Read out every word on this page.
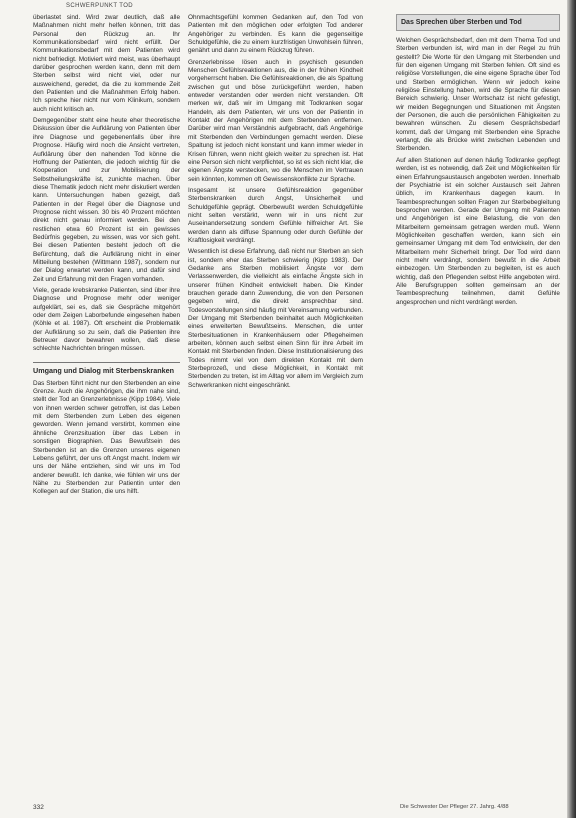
SCHWERPUNKT TOD

überlastet sind. Wird zwar deutlich, daß alle Maßnahmen nicht mehr helfen können, tritt das Personal den Rückzug an. Ihr Kommunikationsbedarf wird nicht erfüllt. Der Kommunikationsbedarf mit dem Patienten wird nicht befriedigt. Motiviert wird meist, was überhaupt darüber gesprochen werden kann, denn mit dem Sterben selbst wird nicht viel, oder nur ausweichend, geredet, da die zu kommende Zeit den Patienten und die Maßnahmen Erfolg haben. Ich spreche hier nicht nur vom Klinikum, sondern auch nicht kritisch an.

Demgegenüber steht eine heute eher theoretische Diskussion über die Aufklärung von Patienten über ihre Diagnose und gegebenenfalls über ihre Prognose. Häufig wird noch die Ansicht vertreten, Aufklärung über den nahenden Tod könne die Hoffnung der Patienten, die jedoch wichtig für die Kooperation und zur Mobilisierung der Selbstheilungskräfte ist, zunichte machen. Über diese Thematik jedoch nicht mehr diskutiert werden kann. Untersuchungen haben gezeigt, daß Patienten in der Regel über die Diagnose und Prognose nicht wissen. 30 bis 40 Prozent möchten direkt nicht genau informiert werden. Bei den restlichen etwa 60 Prozent ist ein gewisses Bedürfnis gegeben, zu wissen, was vor sich geht. Bei diesen Patienten besteht jedoch oft die Befürchtung, daß die Aufklärung nicht in einer Mitteilung bestehen (Wittmann 1987), sondern nur der Dialog erwartet werden kann, und dafür sind Zeit und Erfahrung mit den Fragen vorhanden.

Viele, gerade krebskranke Patienten, sind über ihre Diagnose und Prognose mehr oder weniger aufgeklärt, sei es, daß sie Gespräche mitgehört oder dem Zeigen Laborbefunde eingesehen haben (Köhle et al. 1987). Oft erscheint die Problematik der Aufklärung so zu sein, daß die Patienten ihre Betreuer davor bewahren wollen, daß diese schlechte Nachrichten bringen müssen.

Umgang und Dialog mit Sterbenskranken

Das Sterben führt nicht nur den Sterbenden an eine Grenze. Auch die Angehörigen, die ihm nahe sind, stellt der Tod an Grenzerlebnisse (Kipp 1984). Viele von ihnen werden schwer getroffen, ist das Leben mit dem Sterbenden zum Leben des eigenen geworden. Wenn jemand verstirbt, kommen eine ähnliche Grenzsituation über das Leben in sonstigen Biographien. Das Bewußtsein des Sterbenden ist an die Grenzen unseres eigenen Lebens geführt, der uns oft Angst macht. Indem wir uns der Nähe entziehen, sind wir uns im Tod anderer bewußt. Ich danke, wie fühlen wir uns der Nähe zu Sterbenden zur Patientin unter den Kollegen auf der Station, die uns hilft.

Ohnmachtsgefühl kommen Gedanken auf, den Tod von Patienten mit den möglichen oder erfolgten Tod anderer Angehöriger zu verbinden. Es kann die gegenseitige Schuldgefühle, die zu einem kurzfristigen Unwohlsein führen, genährt und dann zu einem Rückzug führen.

Grenzerlebnisse lösen auch in psychisch gesunden Menschen Gefühlsreaktionen aus, die in der frühen Kindheit vorgeherrscht haben. Die Gefühlsreaktionen, die als Spaltung zwischen gut und böse zurückgeführt werden, haben entweder verstanden oder werden nicht verstanden. Oft merken wir, daß wir im Umgang mit Todkranken sogar Handeln, als dem Patienten, wir uns von der Patientin in Kontakt der Angehörigen mit dem Sterbenden entfernen. Darüber wird man Verständnis aufgebracht, daß Angehörige mit Sterbenden den Verbindungen gemacht werden. Diese Spaltung ist jedoch nicht konstant und kann immer wieder in Krisen führen, wenn nicht gleich weiter zu sprechen ist. Hat eine Person sich nicht verpflichtet, so ist es sich nicht klar, die eigenen Ängste verstecken, wo die Menschen im Vertrauen sein könnten, kommen oft Gewissenskonflikte zur Sprache.

Insgesamt ist unsere Gefühlsreaktion gegenüber Sterbenskranken durch Angst, Unsicherheit und Schuldgefühle geprägt. Oberbewußt werden Schuldgefühle nicht selten verstärkt, wenn wir in uns nicht zur Auseinandersetzung sondern Gefühle hilfreicher Art. Sie werden dann als diffuse Spannung oder durch Gefühle der Kraftlosigkeit verdrängt.

Wesentlich ist diese Erfahrung, daß nicht nur Sterben an sich ist, sondern eher das Sterben schwierig (Kipp 1983). Der Gedanke ans Sterben mobilisiert Ängste vor dem Verlassenwerden, die vielleicht als einfache Ängste sich in unserer frühen Kindheit entwickelt haben. Die Kinder brauchen gerade dann Zuwendung, die von den Personen gegeben wird, die direkt ansprechbar sind. Todesvorstellungen sind häufig mit Vereinsamung verbunden. Der Umgang mit Sterbenden beinhaltet auch Möglichkeiten eines erweiterten Bewußtseins. Menschen, die unter Sterbesituationen in Krankenhäusern oder Pflegeheimen arbeiten, können auch selbst einen Sinn für ihre Arbeit im Kontakt mit Sterbenden finden. Diese Institutionalisierung des Todes nimmt viel von dem direkten Kontakt mit dem Sterbeprozeß, und diese Möglichkeit, in Kontakt mit Sterbenden zu treten, ist im Alltag vor allem im Vergleich zum Schwerkranken nicht eingeschränkt.

Das Sprechen über Sterben und Tod

Welchen Gesprächsbedarf, den mit dem Thema Tod und Sterben verbunden ist, wird man in der Regel zu früh gestellt? Die Worte für den Umgang mit Sterbenden und für den eigenen Umgang mit Sterben fehlen. Oft sind es religiöse Vorstellungen, die eine eigene Sprache über Tod und Sterben ermöglichen. Wenn wir jedoch keine religiöse Einstellung haben, wird die Sprache für diesen Bereich schwierig. Unser Wortschatz ist nicht gefestigt, wir meiden Begegnungen und Situationen mit Ängsten der Personen, die auch die persönlichen Fähigkeiten zu bewahren wünschen. Zu diesem Gesprächsbedarf kommt, daß der Umgang mit Sterbenden eine Sprache verlangt, die als Brücke wirkt zwischen Lebenden und Sterbenden.

Auf allen Stationen auf denen häufig Todkranke gepflegt werden, ist es notwendig, daß Zeit und Möglichkeiten für einen Erfahrungsaustausch angeboten werden. Innerhalb der Psychiatrie ist ein solcher Austausch seit Jahren üblich, im Krankenhaus dagegen kaum. In Teambesprechungen sollten Fragen zur Sterbebegleitung besprochen werden. Gerade der Umgang mit Patienten und Angehörigen ist eine Belastung, die von den Mitarbeitern gemeinsam getragen werden muß. Wenn Möglichkeiten geschaffen werden, kann sich ein gemeinsamer Umgang mit dem Tod entwickeln, der den Mitarbeitern mehr Sicherheit bringt. Der Tod wird dann nicht mehr verdrängt, sondern bewußt in die Arbeit einbezogen. Um Sterbenden zu begleiten, ist es auch wichtig, daß den Pflegenden selbst Hilfe angeboten wird. Alle Berufsgruppen sollten gemeinsam an der Teambesprechung teilnehmen, damit Gefühle angesprochen und nicht verdrängt werden.

332	Die Schwester Der Pfleger 27. Jahrg. 4/88
